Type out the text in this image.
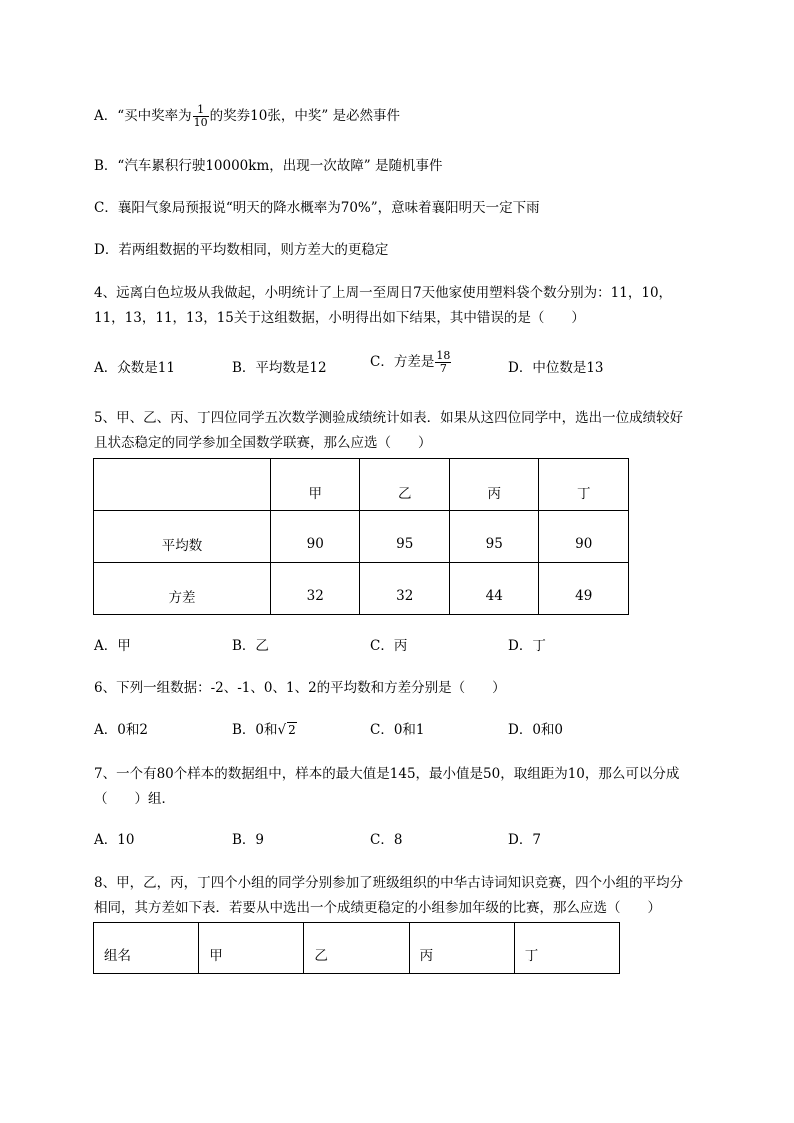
A．“买中奖率为 $\frac{1}{10}$ 的奖券10张，中奖” 是必然事件
B．“汽车累积行驶10000km，出现一次故障” 是随机事件
C．襄阳气象局预报说“明天的降水概率为70%”，意味着襄阳明天一定下雨
D．若两组数据的平均数相同，则方差大的更稳定
4、远离白色垃圾从我做起，小明统计了上周一至周日7天他家使用塑料袋个数分别为：11，10，
11，13，11，13，15关于这组数据，小明得出如下结果，其中错误的是（　　）
A．众数是11	B．平均数是12	C．方差是 $\frac{18}{7}$	D．中位数是13
5、甲、乙、丙、丁四位同学五次数学测验成绩统计如表．如果从这四位同学中，选出一位成绩较好
且状态稳定的同学参加全国数学联赛，那么应选（　　）
	甲	乙	丙	丁
平均数	90	95	95	90
方差	32	32	44	49
A．甲	B．乙	C．丙	D．丁
6、下列一组数据：-2、-1、0、1、2的平均数和方差分别是（　　）
A．0和2	B．0和√ 2	C．0和1	D．0和0
7、一个有80个样本的数据组中，样本的最大值是145，最小值是50，取组距为10，那么可以分成
（　　）组．
A．10	B．9	C．8	D．7
8、甲，乙，丙，丁四个小组的同学分别参加了班级组织的中华古诗词知识竞赛，四个小组的平均分
相同，其方差如下表．若要从中选出一个成绩更稳定的小组参加年级的比赛，那么应选（　　）
组名	甲	乙	丙	丁
